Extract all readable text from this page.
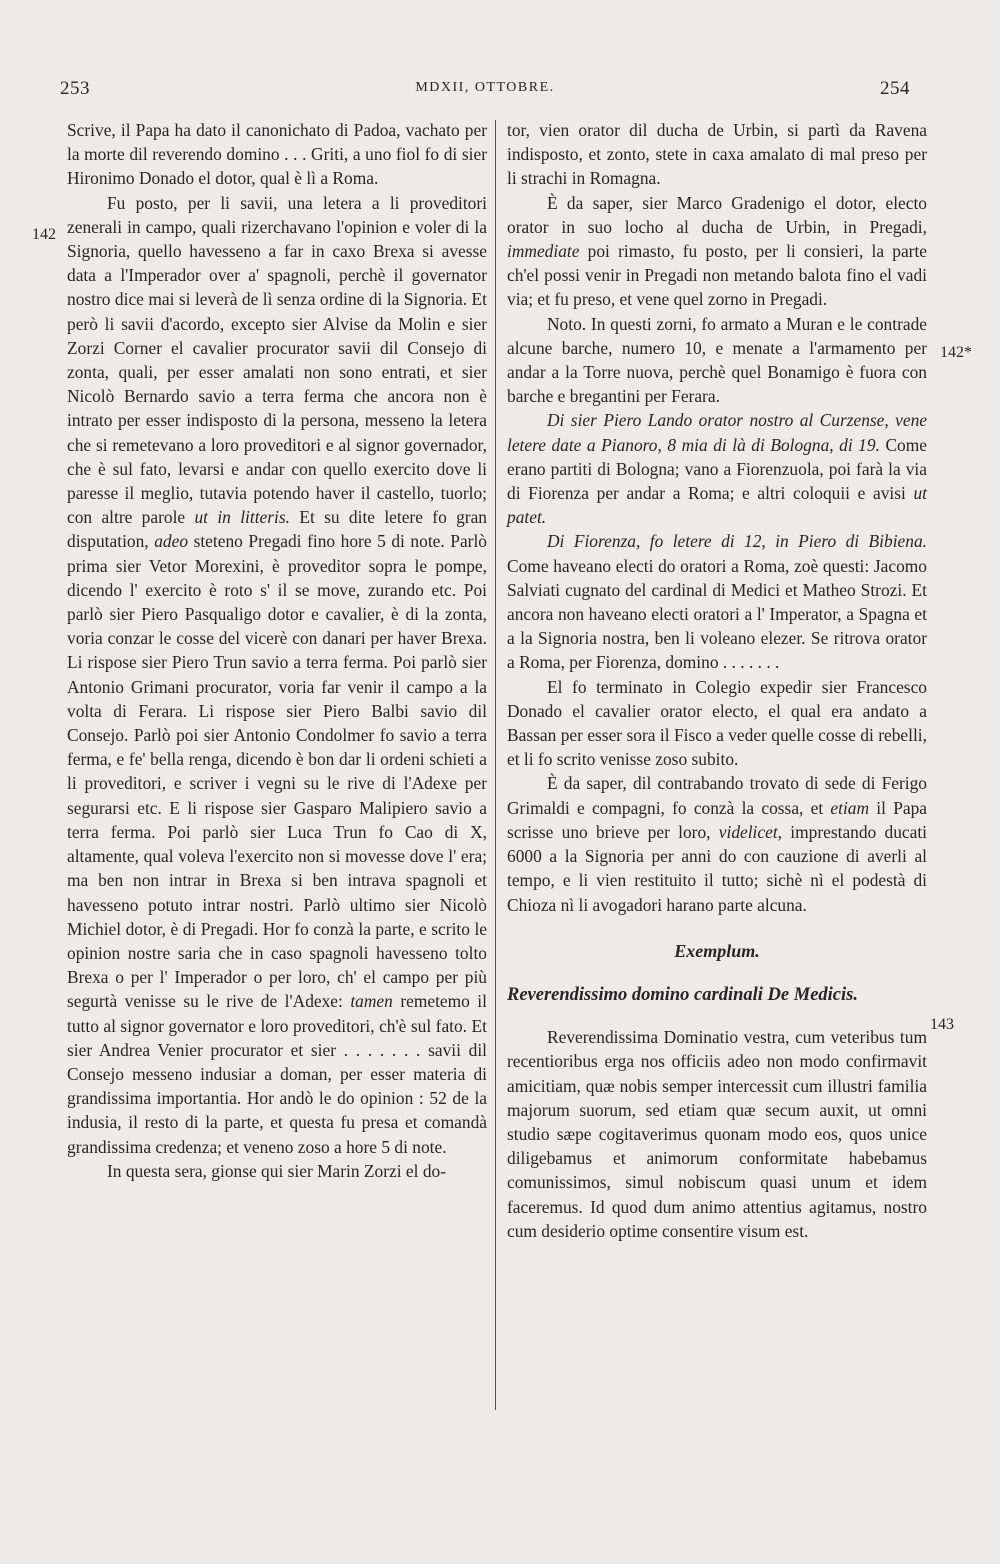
253	MDXII, OTTOBRE.	254
142
142*
143

Scrive, il Papa ha dato il canonichato di Padoa, vachato per la morte dil reverendo domino . . . Griti, a uno fiol fo di sier Hironimo Donado el dotor, qual è lì a Roma.

Fu posto, per li savii, una letera a li proveditori zenerali in campo, quali rizerchavano l'opinion e voler di la Signoria, quello havesseno a far in caxo Brexa si avesse data a l'Imperador over a' spagnoli, perchè il governator nostro dice mai si leverà de lì senza ordine di la Signoria. Et però li savii d'acordo, excepto sier Alvise da Molin e sier Zorzi Corner el cavalier procurator savii dil Consejo di zonta, quali, per esser amalati non sono entrati, et sier Nicolò Bernardo savio a terra ferma che ancora non è intrato per esser indisposto di la persona, messeno la letera che si remetevano a loro proveditori e al signor governador, che è sul fato, levarsi e andar con quello exercito dove li paresse il meglio, tutavia potendo haver il castello, tuorlo; con altre parole ut in litteris. Et su dite letere fo gran disputation, adeo steteno Pregadi fino hore 5 di note. Parlò prima sier Vetor Morexini, è proveditor sopra le pompe, dicendo l' exercito è roto s' il se move, zurando etc. Poi parlò sier Piero Pasqualigo dotor e cavalier, è di la zonta, voria conzar le cosse del vicerè con danari per haver Brexa. Li rispose sier Piero Trun savio a terra ferma. Poi parlò sier Antonio Grimani procurator, voria far venir il campo a la volta di Ferara. Li rispose sier Piero Balbi savio dil Consejo. Parlò poi sier Antonio Condolmer fo savio a terra ferma, e fe' bella renga, dicendo è bon dar li ordeni schieti a li proveditori, e scriver i vegni su le rive di l'Adexe per segurarsi etc. E li rispose sier Gasparo Malipiero savio a terra ferma. Poi parlò sier Luca Trun fo Cao di X, altamente, qual voleva l'exercito non si movesse dove l' era; ma ben non intrar in Brexa si ben intrava spagnoli et havesseno potuto intrar nostri. Parlò ultimo sier Nicolò Michiel dotor, è di Pregadi. Hor fo conzà la parte, e scrito le opinion nostre saria che in caso spagnoli havesseno tolto Brexa o per l' Imperador o per loro, ch' el campo per più segurtà venisse su le rive de l'Adexe: tamen remetemo il tutto al signor governator e loro proveditori, ch'è sul fato. Et sier Andrea Venier procurator et sier . . . . . . . savii dil Consejo messeno indusiar a doman, per esser materia di grandissima importantia. Hor andò le do opinion : 52 de la indusia, il resto di la parte, et questa fu presa et comandà grandissima credenza; et veneno zoso a hore 5 di note.

In questa sera, gionse qui sier Marin Zorzi el do-

tor, vien orator dil ducha de Urbin, si partì da Ravena indisposto, et zonto, stete in caxa amalato di mal preso per li strachi in Romagna.

È da saper, sier Marco Gradenigo el dotor, electo orator in suo locho al ducha de Urbin, in Pregadi, immediate poi rimasto, fu posto, per li consieri, la parte ch'el possi venir in Pregadi non metando balota fino el vadi via; et fu preso, et vene quel zorno in Pregadi.

Noto. In questi zorni, fo armato a Muran e le contrade alcune barche, numero 10, e menate a l'armamento per andar a la Torre nuova, perchè quel Bonamigo è fuora con barche e bregantini per Ferara.

Di sier Piero Lando orator nostro al Curzense, vene letere date a Pianoro, 8 mia di là di Bologna, di 19. Come erano partiti di Bologna; vano a Fiorenzuola, poi farà la via di Fiorenza per andar a Roma; e altri coloquii e avisi ut patet.

Di Fiorenza, fo letere di 12, in Piero di Bibiena. Come haveano electi do oratori a Roma, zoè questi: Jacomo Salviati cugnato del cardinal di Medici et Matheo Strozi. Et ancora non haveano electi oratori a l' Imperator, a Spagna et a la Signoria nostra, ben li voleano elezer. Se ritrova orator a Roma, per Fiorenza, domino . . . . . . .

El fo terminato in Colegio expedir sier Francesco Donado el cavalier orator electo, el qual era andato a Bassan per esser sora il Fisco a veder quelle cosse di rebelli, et li fo scrito venisse zoso subito.

È da saper, dil contrabando trovato di sede di Ferigo Grimaldi e compagni, fo conzà la cossa, et etiam il Papa scrisse uno brieve per loro, videlicet, imprestando ducati 6000 a la Signoria per anni do con cauzione di averli al tempo, e li vien restituito il tutto; sichè nì el podestà di Chioza nì li avogadori harano parte alcuna.

Exemplum.
Reverendissimo domino cardinali De Medicis.

Reverendissima Dominatio vestra, cum veteribus tum recentioribus erga nos officiis adeo non modo confirmavit amicitiam, quæ nobis semper intercessit cum illustri familia majorum suorum, sed etiam quæ secum auxit, ut omni studio sæpe cogitaverimus quonam modo eos, quos unice diligebamus et animorum conformitate habebamus comunissimos, simul nobiscum quasi unum et idem faceremus. Id quod dum animo attentius agitamus, nostro cum desiderio optime consentire visum est.
